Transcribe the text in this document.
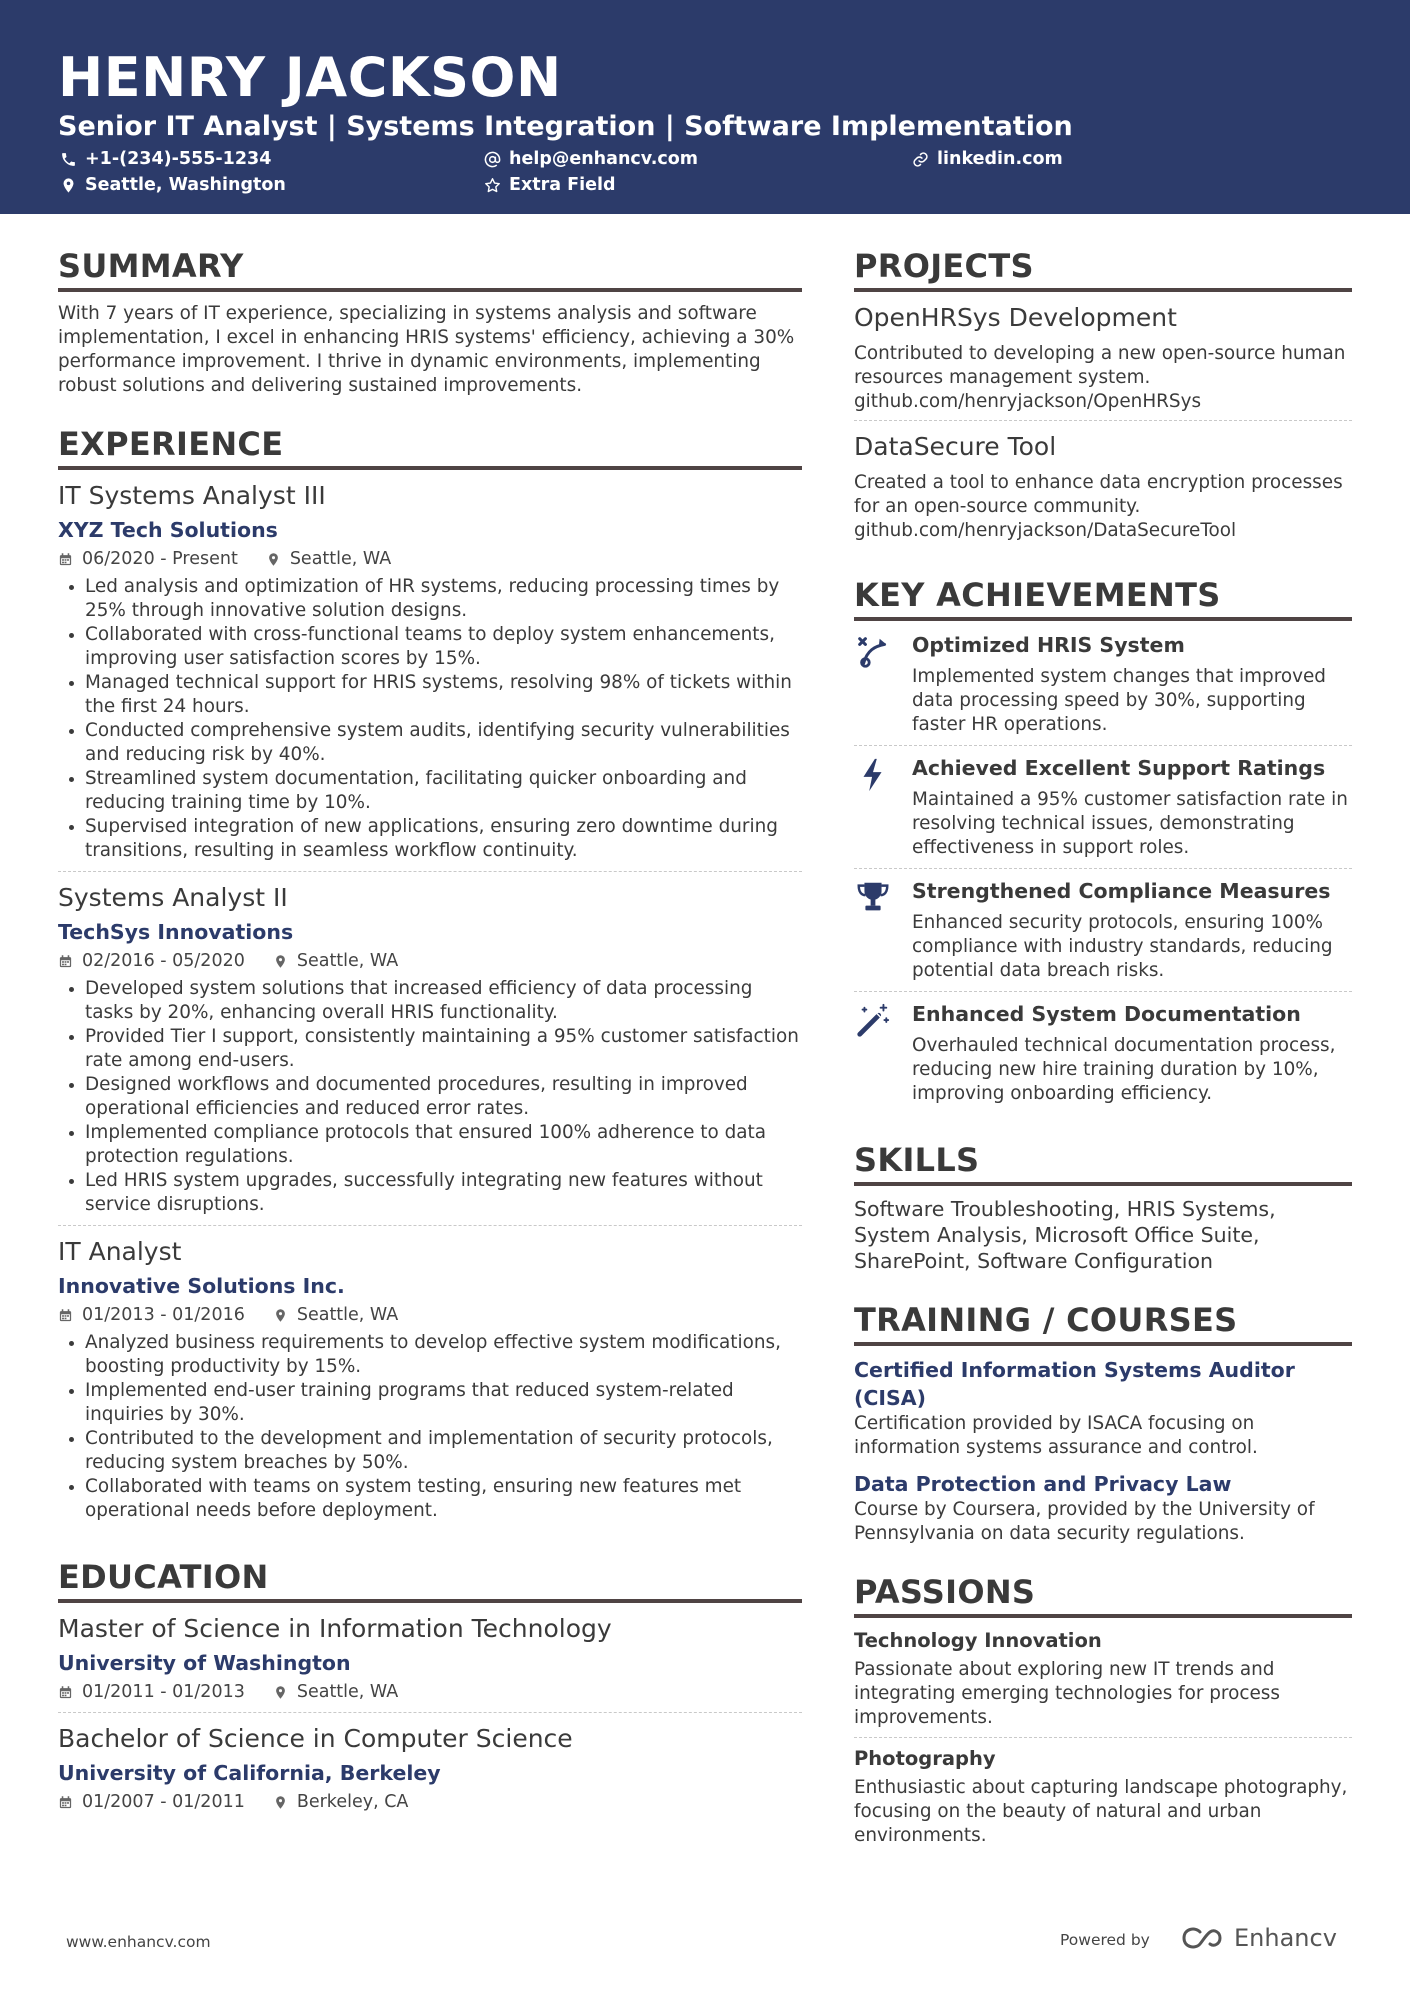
HENRY JACKSON
Senior IT Analyst | Systems Integration | Software Implementation
+1-(234)-555-1234	help@enhancv.com	linkedin.com
Seattle, Washington	Extra Field
SUMMARY
With 7 years of IT experience, specializing in systems analysis and software implementation, I excel in enhancing HRIS systems' efficiency, achieving a 30% performance improvement. I thrive in dynamic environments, implementing robust solutions and delivering sustained improvements.
EXPERIENCE
IT Systems Analyst III
XYZ Tech Solutions
06/2020 - Present	Seattle, WA
Led analysis and optimization of HR systems, reducing processing times by 25% through innovative solution designs.
Collaborated with cross-functional teams to deploy system enhancements, improving user satisfaction scores by 15%.
Managed technical support for HRIS systems, resolving 98% of tickets within the first 24 hours.
Conducted comprehensive system audits, identifying security vulnerabilities and reducing risk by 40%.
Streamlined system documentation, facilitating quicker onboarding and reducing training time by 10%.
Supervised integration of new applications, ensuring zero downtime during transitions, resulting in seamless workflow continuity.
Systems Analyst II
TechSys Innovations
02/2016 - 05/2020	Seattle, WA
Developed system solutions that increased efficiency of data processing tasks by 20%, enhancing overall HRIS functionality.
Provided Tier I support, consistently maintaining a 95% customer satisfaction rate among end-users.
Designed workflows and documented procedures, resulting in improved operational efficiencies and reduced error rates.
Implemented compliance protocols that ensured 100% adherence to data protection regulations.
Led HRIS system upgrades, successfully integrating new features without service disruptions.
IT Analyst
Innovative Solutions Inc.
01/2013 - 01/2016	Seattle, WA
Analyzed business requirements to develop effective system modifications, boosting productivity by 15%.
Implemented end-user training programs that reduced system-related inquiries by 30%.
Contributed to the development and implementation of security protocols, reducing system breaches by 50%.
Collaborated with teams on system testing, ensuring new features met operational needs before deployment.
EDUCATION
Master of Science in Information Technology
University of Washington
01/2011 - 01/2013	Seattle, WA
Bachelor of Science in Computer Science
University of California, Berkeley
01/2007 - 01/2011	Berkeley, CA
PROJECTS
OpenHRSys Development
Contributed to developing a new open-source human resources management system. github.com/henryjackson/OpenHRSys
DataSecure Tool
Created a tool to enhance data encryption processes for an open-source community. github.com/henryjackson/DataSecureTool
KEY ACHIEVEMENTS
Optimized HRIS System
Implemented system changes that improved data processing speed by 30%, supporting faster HR operations.
Achieved Excellent Support Ratings
Maintained a 95% customer satisfaction rate in resolving technical issues, demonstrating effectiveness in support roles.
Strengthened Compliance Measures
Enhanced security protocols, ensuring 100% compliance with industry standards, reducing potential data breach risks.
Enhanced System Documentation
Overhauled technical documentation process, reducing new hire training duration by 10%, improving onboarding efficiency.
SKILLS
Software Troubleshooting, HRIS Systems, System Analysis, Microsoft Office Suite, SharePoint, Software Configuration
TRAINING / COURSES
Certified Information Systems Auditor (CISA)
Certification provided by ISACA focusing on information systems assurance and control.
Data Protection and Privacy Law
Course by Coursera, provided by the University of Pennsylvania on data security regulations.
PASSIONS
Technology Innovation
Passionate about exploring new IT trends and integrating emerging technologies for process improvements.
Photography
Enthusiastic about capturing landscape photography, focusing on the beauty of natural and urban environments.
www.enhancv.com	Powered by	Enhancv
